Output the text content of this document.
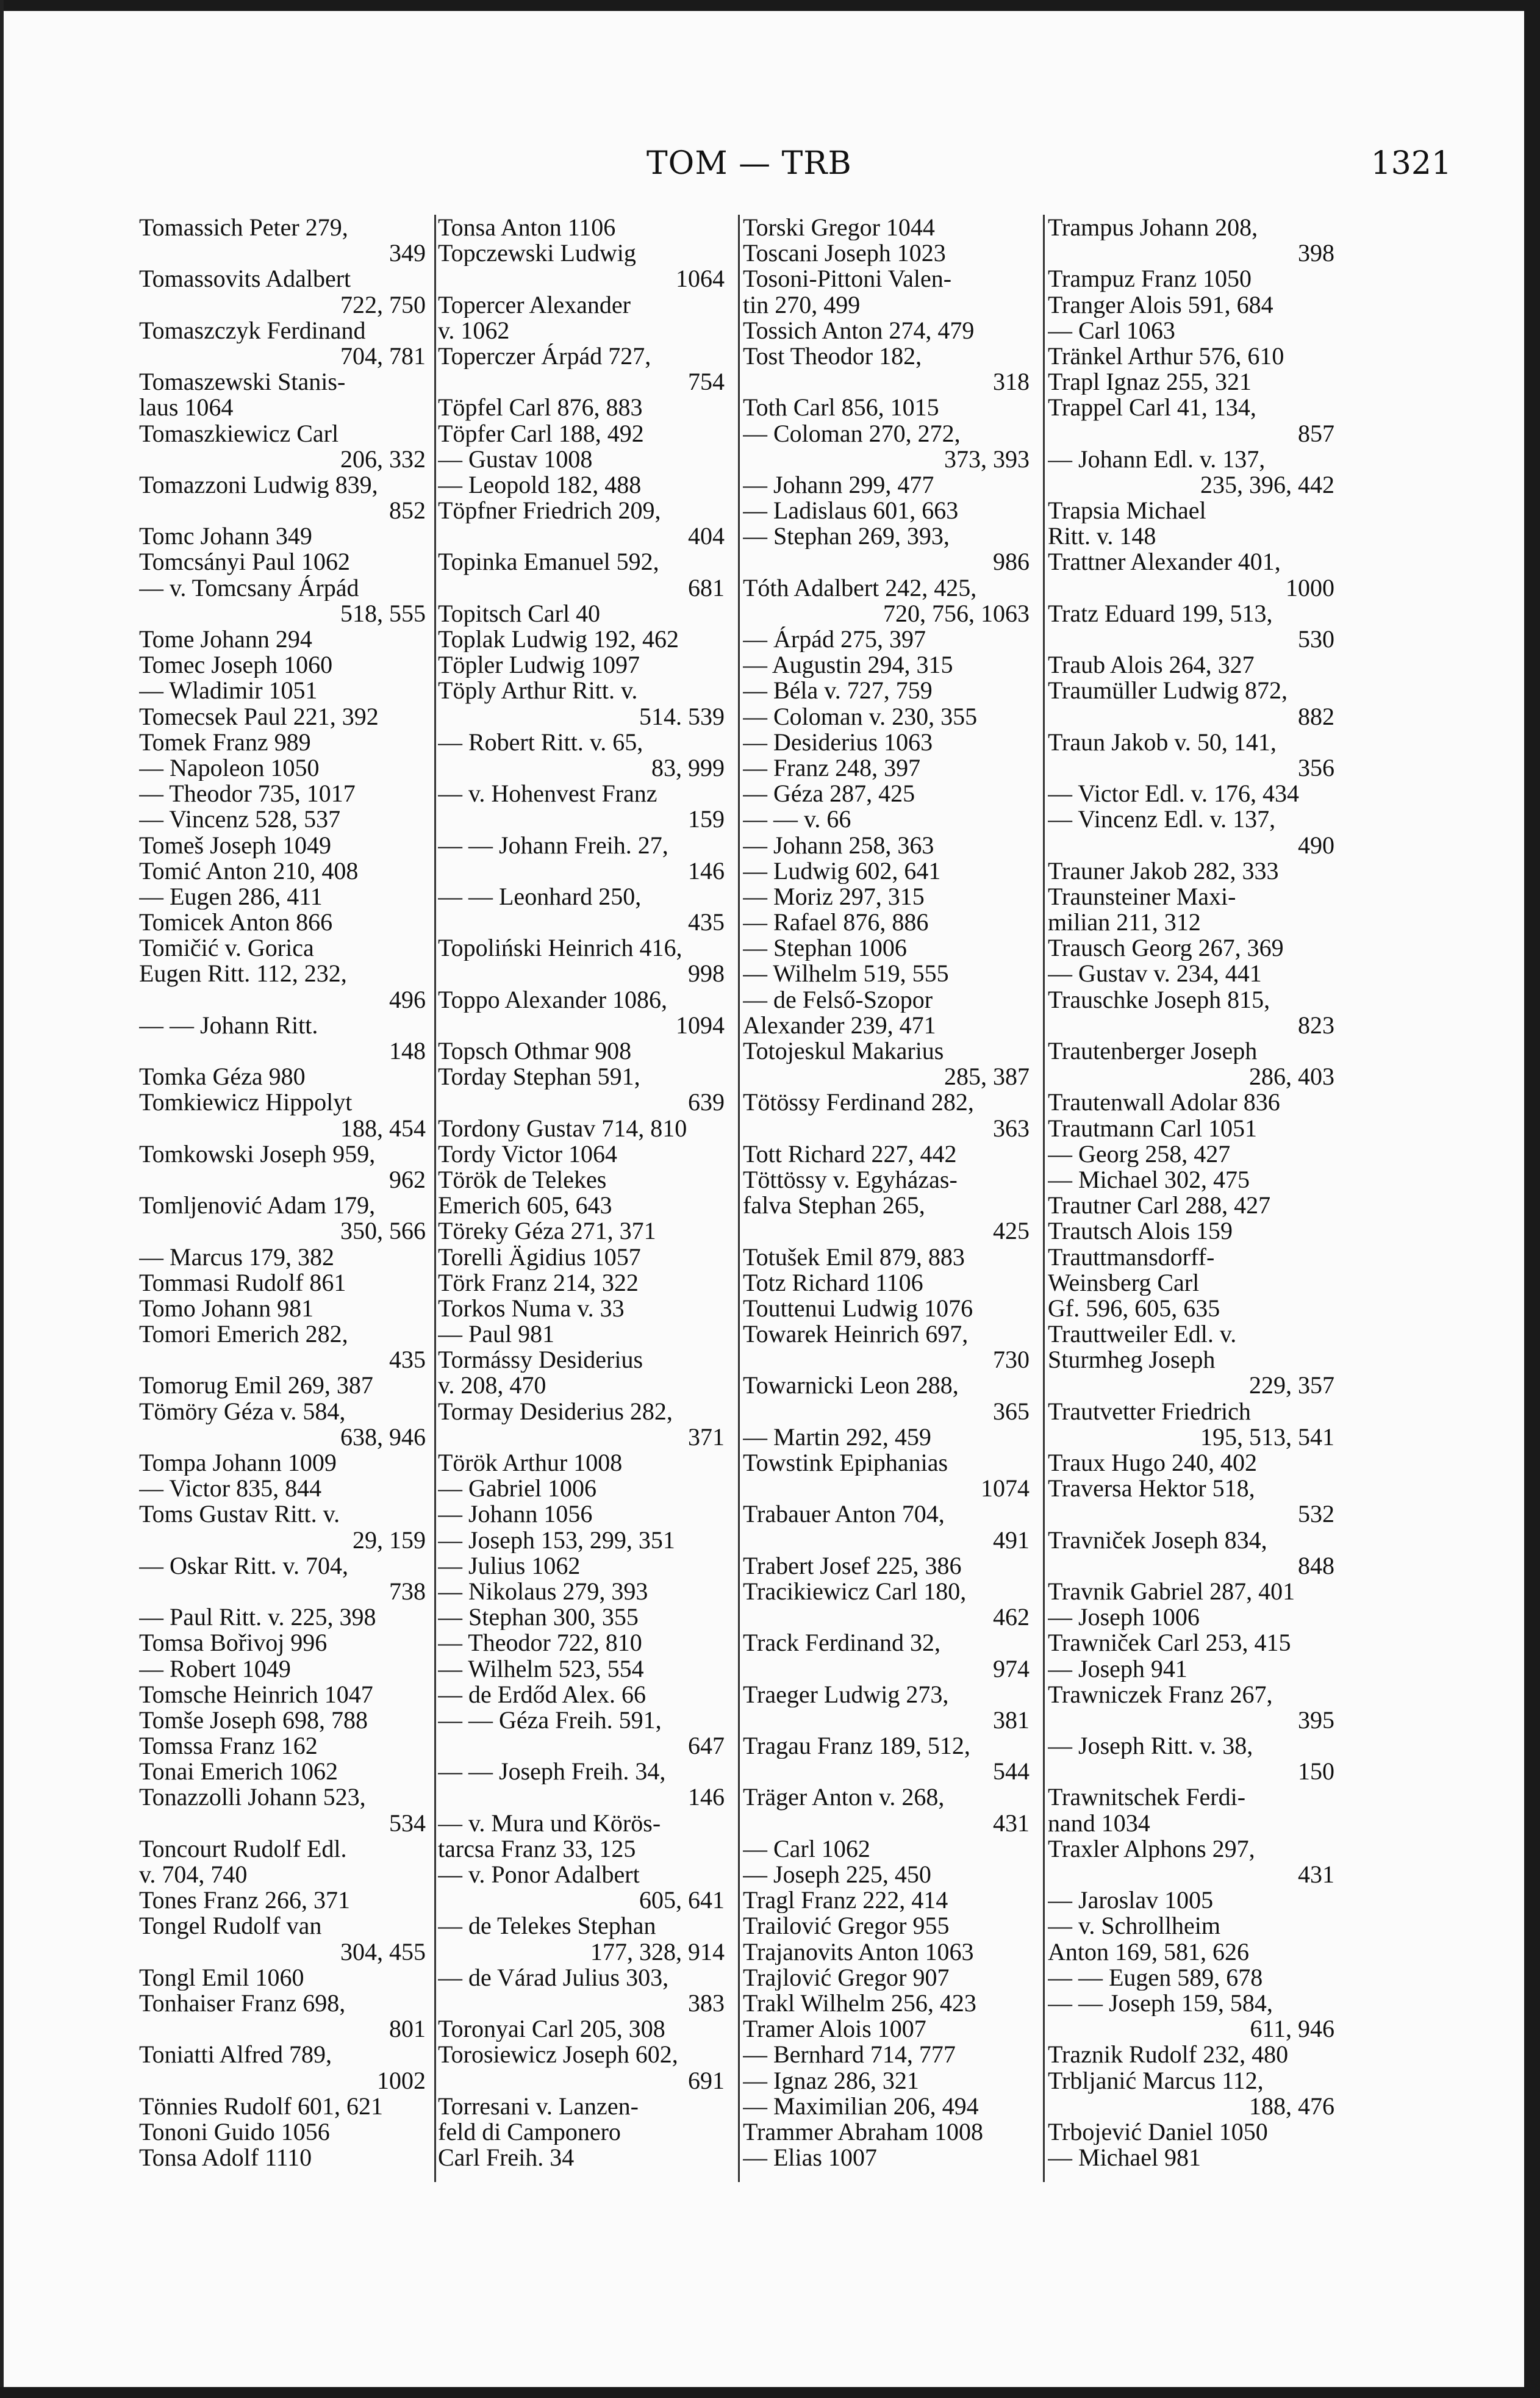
TOM — TRB	1321
Tomassich Peter 279,
349
Tomassovits Adalbert
722, 750
Tomaszczyk Ferdinand
704, 781
Tomaszewski Stanis-
laus 1064
Tomaszkiewicz Carl
206, 332
Tomazzoni Ludwig 839,
852
Tomc Johann 349
Tomcsányi Paul 1062
— v. Tomcsany Árpád
518, 555
Tome Johann 294
Tomec Joseph 1060
— Wladimir 1051
Tomecsek Paul 221, 392
Tomek Franz 989
— Napoleon 1050
— Theodor 735, 1017
— Vincenz 528, 537
Tomeš Joseph 1049
Tomić Anton 210, 408
— Eugen 286, 411
Tomicek Anton 866
Tomičić v. Gorica
Eugen Ritt. 112, 232,
496
— — Johann Ritt.
148
Tomka Géza 980
Tomkiewicz Hippolyt
188, 454
Tomkowski Joseph 959,
962
Tomljenović Adam 179,
350, 566
— Marcus 179, 382
Tommasi Rudolf 861
Tomo Johann 981
Tomori Emerich 282,
435
Tomorug Emil 269, 387
Tömöry Géza v. 584,
638, 946
Tompa Johann 1009
— Victor 835, 844
Toms Gustav Ritt. v.
29, 159
— Oskar Ritt. v. 704,
738
— Paul Ritt. v. 225, 398
Tomsa Bořivoj 996
— Robert 1049
Tomsche Heinrich 1047
Tomše Joseph 698, 788
Tomssa Franz 162
Tonai Emerich 1062
Tonazzolli Johann 523,
534
Toncourt Rudolf Edl.
v. 704, 740
Tones Franz 266, 371
Tongel Rudolf van
304, 455
Tongl Emil 1060
Tonhaiser Franz 698,
801
Toniatti Alfred 789,
1002
Tönnies Rudolf 601, 621
Tononi Guido 1056
Tonsa Adolf 1110
Tonsa Anton 1106
Topczewski Ludwig
1064
Topercer Alexander
v. 1062
Toperczer Árpád 727,
754
Töpfel Carl 876, 883
Töpfer Carl 188, 492
— Gustav 1008
— Leopold 182, 488
Töpfner Friedrich 209,
404
Topinka Emanuel 592,
681
Topitsch Carl 40
Toplak Ludwig 192, 462
Töpler Ludwig 1097
Töply Arthur Ritt. v.
514. 539
— Robert Ritt. v. 65,
83, 999
— v. Hohenvest Franz
159
— — Johann Freih. 27,
146
— — Leonhard 250,
435
Topoliński Heinrich 416,
998
Toppo Alexander 1086,
1094
Topsch Othmar 908
Torday Stephan 591,
639
Tordony Gustav 714, 810
Tordy Victor 1064
Török de Telekes
Emerich 605, 643
Töreky Géza 271, 371
Torelli Ägidius 1057
Törk Franz 214, 322
Torkos Numa v. 33
— Paul 981
Tormássy Desiderius
v. 208, 470
Tormay Desiderius 282,
371
Török Arthur 1008
— Gabriel 1006
— Johann 1056
— Joseph 153, 299, 351
— Julius 1062
— Nikolaus 279, 393
— Stephan 300, 355
— Theodor 722, 810
— Wilhelm 523, 554
— de Erdőd Alex. 66
— — Géza Freih. 591,
647
— — Joseph Freih. 34,
146
— v. Mura und Körös-
tarcsa Franz 33, 125
— v. Ponor Adalbert
605, 641
— de Telekes Stephan
177, 328, 914
— de Várad Julius 303,
383
Toronyai Carl 205, 308
Torosiewicz Joseph 602,
691
Torresani v. Lanzen-
feld di Camponero
Carl Freih. 34
Torski Gregor 1044
Toscani Joseph 1023
Tosoni-Pittoni Valen-
tin 270, 499
Tossich Anton 274, 479
Tost Theodor 182,
318
Toth Carl 856, 1015
— Coloman 270, 272,
373, 393
— Johann 299, 477
— Ladislaus 601, 663
— Stephan 269, 393,
986
Tóth Adalbert 242, 425,
720, 756, 1063
— Árpád 275, 397
— Augustin 294, 315
— Béla v. 727, 759
— Coloman v. 230, 355
— Desiderius 1063
— Franz 248, 397
— Géza 287, 425
— — v. 66
— Johann 258, 363
— Ludwig 602, 641
— Moriz 297, 315
— Rafael 876, 886
— Stephan 1006
— Wilhelm 519, 555
— de Felső-Szopor
Alexander 239, 471
Totojeskul Makarius
285, 387
Tötössy Ferdinand 282,
363
Tott Richard 227, 442
Töttössy v. Egyházas-
falva Stephan 265,
425
Totušek Emil 879, 883
Totz Richard 1106
Touttenui Ludwig 1076
Towarek Heinrich 697,
730
Towarnicki Leon 288,
365
— Martin 292, 459
Towstink Epiphanias
1074
Trabauer Anton 704,
491
Trabert Josef 225, 386
Tracikiewicz Carl 180,
462
Track Ferdinand 32,
974
Traeger Ludwig 273,
381
Tragau Franz 189, 512,
544
Träger Anton v. 268,
431
— Carl 1062
— Joseph 225, 450
Tragl Franz 222, 414
Trailović Gregor 955
Trajanovits Anton 1063
Trajlović Gregor 907
Trakl Wilhelm 256, 423
Tramer Alois 1007
— Bernhard 714, 777
— Ignaz 286, 321
— Maximilian 206, 494
Trammer Abraham 1008
— Elias 1007
Trampus Johann 208,
398
Trampuz Franz 1050
Tranger Alois 591, 684
— Carl 1063
Tränkel Arthur 576, 610
Trapl Ignaz 255, 321
Trappel Carl 41, 134,
857
— Johann Edl. v. 137,
235, 396, 442
Trapsia Michael
Ritt. v. 148
Trattner Alexander 401,
1000
Tratz Eduard 199, 513,
530
Traub Alois 264, 327
Traumüller Ludwig 872,
882
Traun Jakob v. 50, 141,
356
— Victor Edl. v. 176, 434
— Vincenz Edl. v. 137,
490
Trauner Jakob 282, 333
Traunsteiner Maxi-
milian 211, 312
Trausch Georg 267, 369
— Gustav v. 234, 441
Trauschke Joseph 815,
823
Trautenberger Joseph
286, 403
Trautenwall Adolar 836
Trautmann Carl 1051
— Georg 258, 427
— Michael 302, 475
Trautner Carl 288, 427
Trautsch Alois 159
Trauttmansdorff-
Weinsberg Carl
Gf. 596, 605, 635
Trauttweiler Edl. v.
Sturmheg Joseph
229, 357
Trautvetter Friedrich
195, 513, 541
Traux Hugo 240, 402
Traversa Hektor 518,
532
Travniček Joseph 834,
848
Travnik Gabriel 287, 401
— Joseph 1006
Trawniček Carl 253, 415
— Joseph 941
Trawniczek Franz 267,
395
— Joseph Ritt. v. 38,
150
Trawnitschek Ferdi-
nand 1034
Traxler Alphons 297,
431
— Jaroslav 1005
— v. Schrollheim
Anton 169, 581, 626
— — Eugen 589, 678
— — Joseph 159, 584,
611, 946
Traznik Rudolf 232, 480
Trbljanić Marcus 112,
188, 476
Trbojević Daniel 1050
— Michael 981
